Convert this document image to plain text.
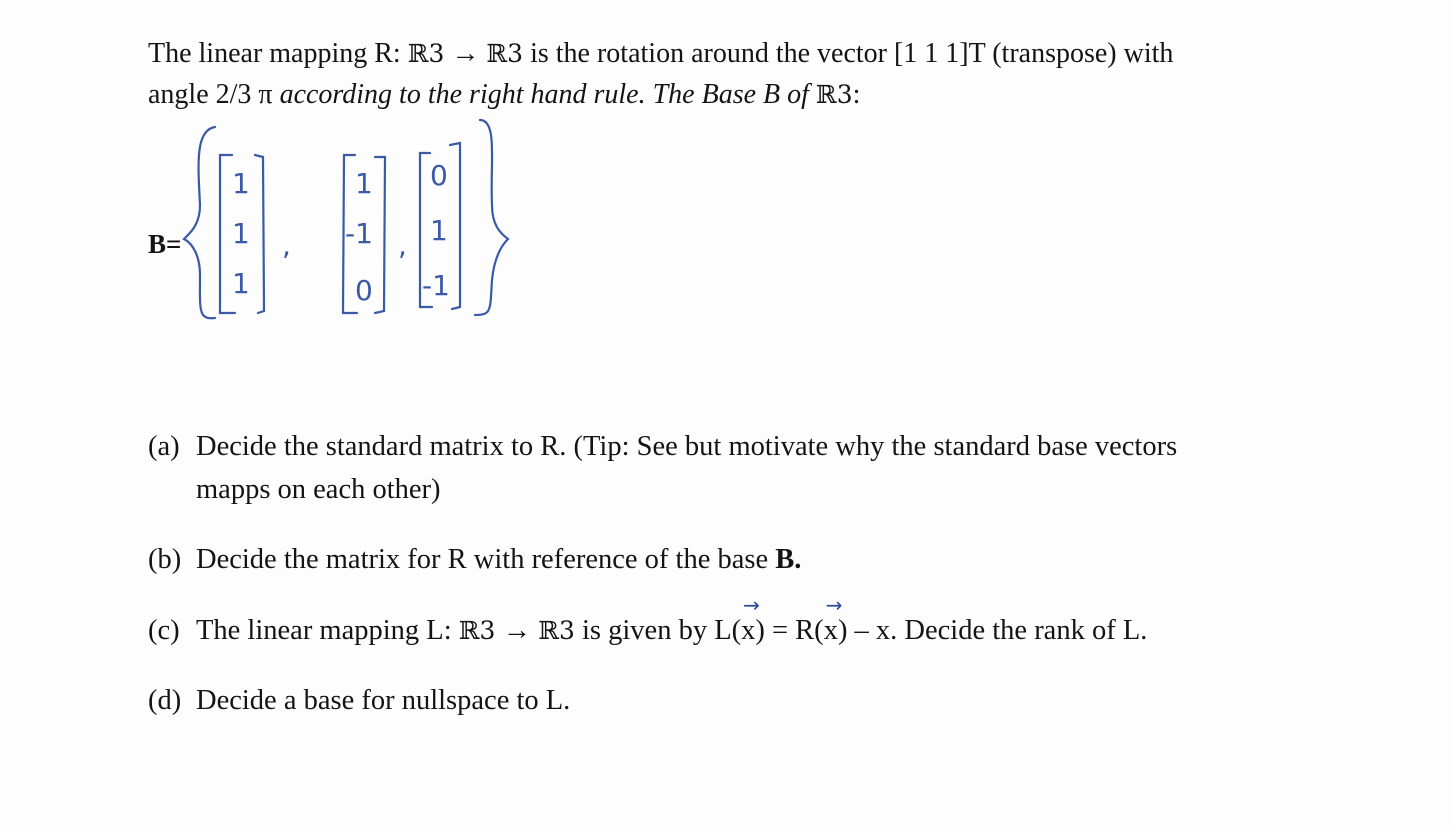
The linear mapping R: ℝ3 → ℝ3 is the rotation around the vector [1 1 1]T (transpose) with
angle 2/3 π according to the right hand rule. The Base B of ℝ3:
B=
1
1
1
,
1
-1
0
,
0
1
-1
(a) Decide the standard matrix to R. (Tip: See but motivate why the standard base vectors
mapps on each other)
(b) Decide the matrix for R with reference of the base B.
(c) The linear mapping L: ℝ3 → ℝ3 is given by L(
→
x) = R(
→
x) – x. Decide the rank of L.
(d) Decide a base for nullspace to L.
